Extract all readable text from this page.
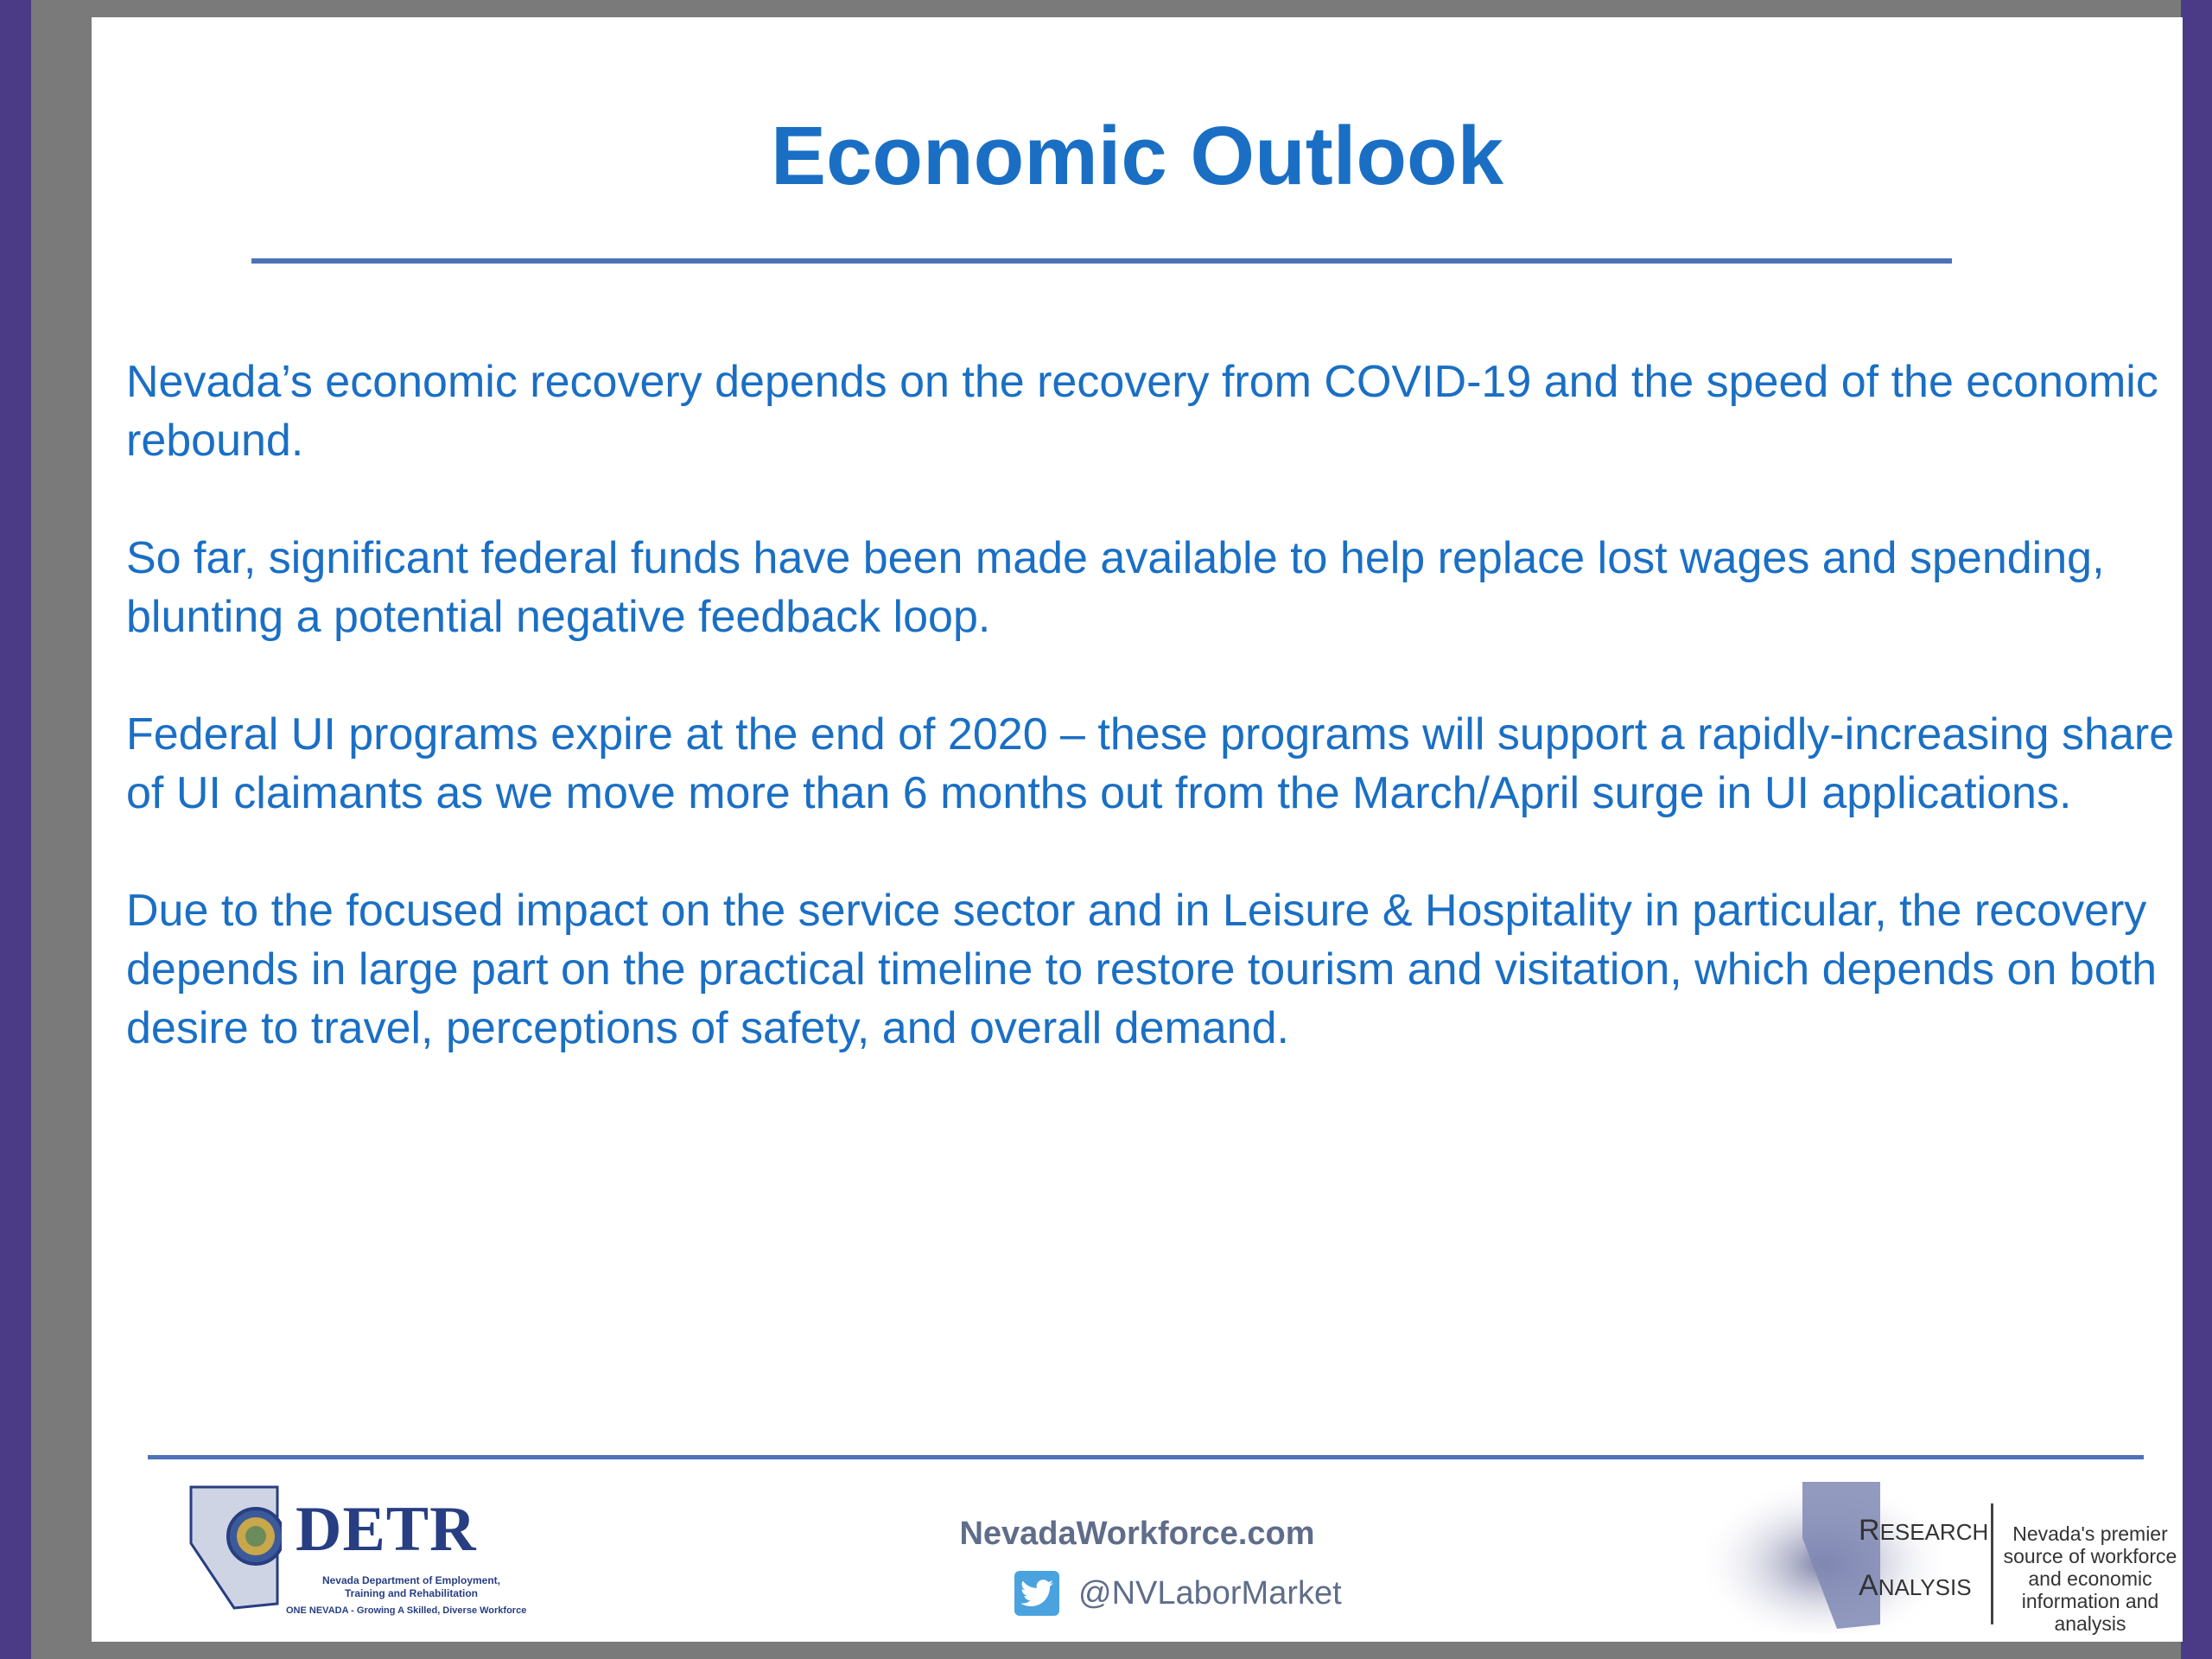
Economic Outlook

Nevada’s economic recovery depends on the recovery from COVID-19 and the speed of the economic rebound.

So far, significant federal funds have been made available to help replace lost wages and spending, blunting a potential negative feedback loop.

Federal UI programs expire at the end of 2020 – these programs will support a rapidly-increasing share of UI claimants as we move more than 6 months out from the March/April surge in UI applications.

Due to the focused impact on the service sector and in Leisure & Hospitality in particular, the recovery depends in large part on the practical timeline to restore tourism and visitation, which depends on both desire to travel, perceptions of safety, and overall demand.

DETR
Nevada Department of Employment,
Training and Rehabilitation
ONE NEVADA - Growing A Skilled, Diverse Workforce
NevadaWorkforce.com
@NVLaborMarket
RESEARCH
ANALYSIS
Nevada's premier source of workforce and economic information and analysis
